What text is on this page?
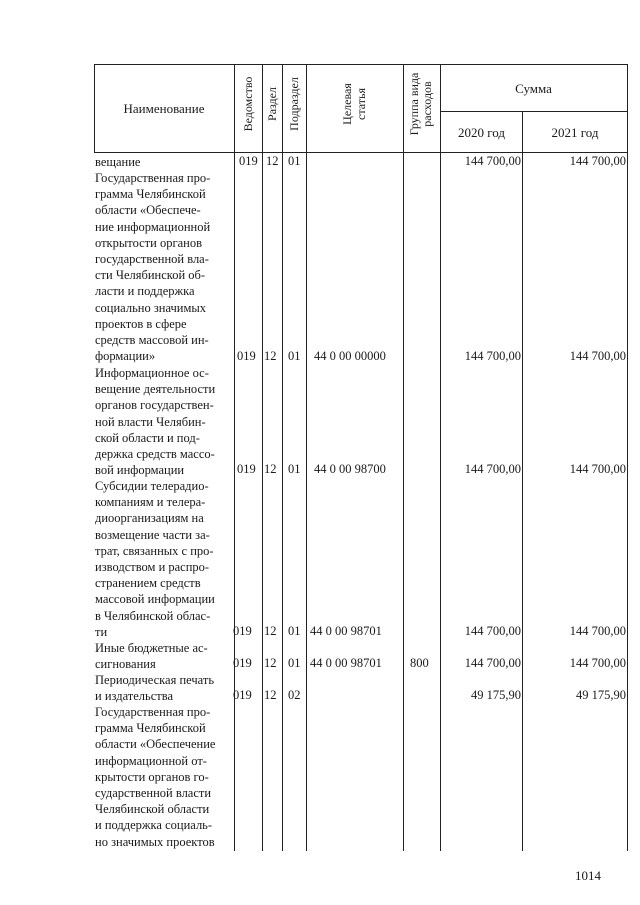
Наименование	Ведомство Раздел Подраздел	Целевая статья	Группа вида расходов	Сумма
2020 год	2021 год
вещание	019 12 01	144 700,00	144 700,00
Государственная про-
грамма Челябинской
области «Обеспече-
ние информационной
открытости органов
государственной вла-
сти Челябинской об-
ласти и поддержка
социально значимых
проектов в сфере
средств массовой ин-
формации»	019 12 01 44 0 00 00000	144 700,00	144 700,00
Информационное ос-
вещение деятельности
органов государствен-
ной власти Челябин-
ской области и под-
держка средств массо-
вой информации	019 12 01 44 0 00 98700	144 700,00	144 700,00
Субсидии телерадио-
компаниям и телера-
диоорганизациям на
возмещение части за-
трат, связанных с про-
изводством и распро-
странением средств
массовой информации
в Челябинской облас-
ти	019 12 01 44 0 00 98701	144 700,00	144 700,00
Иные бюджетные ас-
сигнования	019 12 01 44 0 00 98701 800	144 700,00	144 700,00
Периодическая печать
и издательства	019 12 02	49 175,90	49 175,90
Государственная про-
грамма Челябинской
области «Обеспечение
информационной от-
крытости органов го-
сударственной власти
Челябинской области
и поддержка социаль-
но значимых проектов
1014
